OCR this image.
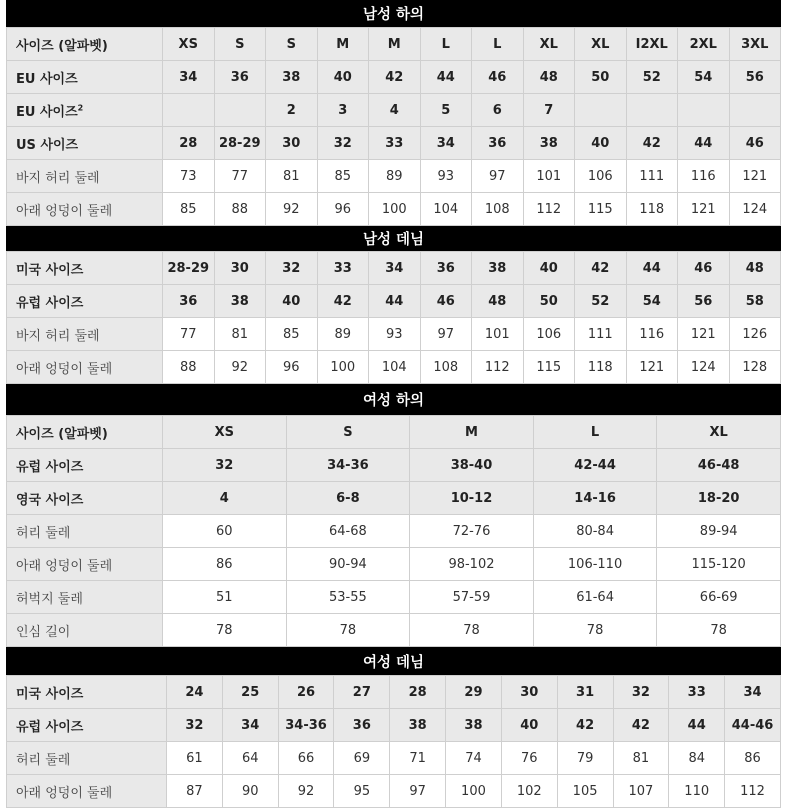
남성 하의
사이즈 (알파벳)	XS	S	S	M	M	L	L	XL	XL	I2XL	2XL	3XL
EU 사이즈	34	36	38	40	42	44	46	48	50	52	54	56
EU 사이즈$^2$			2	3	4	5	6	7				
US 사이즈	28	28-29	30	32	33	34	36	38	40	42	44	46
바지 허리 둘레	73	77	81	85	89	93	97	101	106	111	116	121
아래 엉덩이 둘레	85	88	92	96	100	104	108	112	115	118	121	124
남성 데님
미국 사이즈	28-29	30	32	33	34	36	38	40	42	44	46	48
유럽 사이즈	36	38	40	42	44	46	48	50	52	54	56	58
바지 허리 둘레	77	81	85	89	93	97	101	106	111	116	121	126
아래 엉덩이 둘레	88	92	96	100	104	108	112	115	118	121	124	128
여성 하의
사이즈 (알파벳)	XS	S	M	L	XL
유럽 사이즈	32	34-36	38-40	42-44	46-48
영국 사이즈	4	6-8	10-12	14-16	18-20
허리 둘레	60	64-68	72-76	80-84	89-94
아래 엉덩이 둘레	86	90-94	98-102	106-110	115-120
허벅지 둘레	51	53-55	57-59	61-64	66-69
인심 길이	78	78	78	78	78
여성 데님
미국 사이즈	24	25	26	27	28	29	30	31	32	33	34
유럽 사이즈	32	34	34-36	36	38	38	40	42	42	44	44-46
허리 둘레	61	64	66	69	71	74	76	79	81	84	86
아래 엉덩이 둘레	87	90	92	95	97	100	102	105	107	110	112
